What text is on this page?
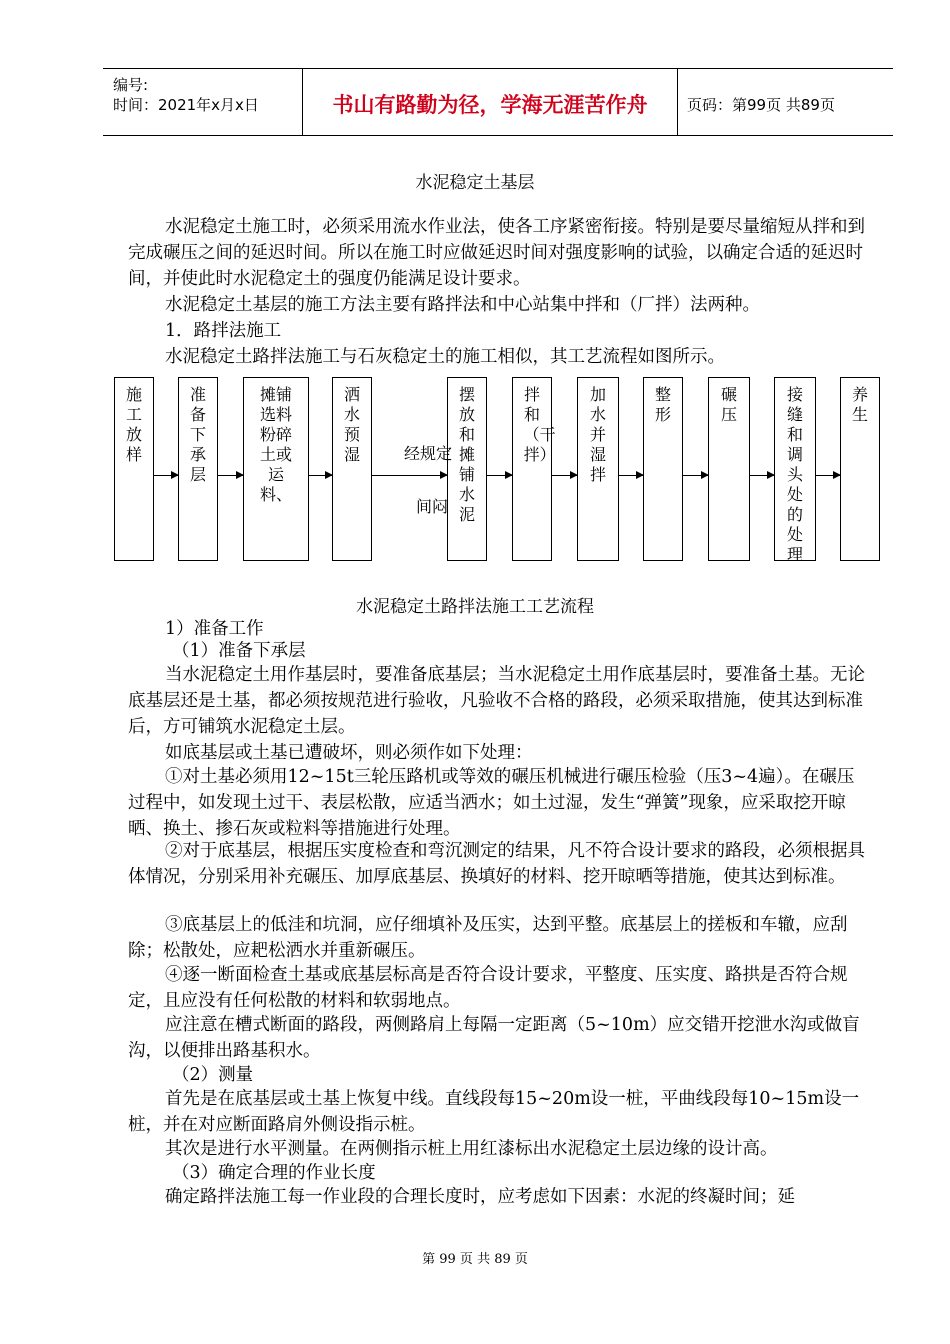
编号:
时间：2021年x月x日	书山有路勤为径，学海无涯苦作舟	页码：第99页 共89页
水泥稳定土基层

水泥稳定土施工时，必须采用流水作业法，使各工序紧密衔接。特别是要尽量缩短从拌和到完成碾压之间的延迟时间。所以在施工时应做延迟时间对强度影响的试验，以确定合适的延迟时间，并使此时水泥稳定土的强度仍能满足设计要求。

水泥稳定土基层的施工方法主要有路拌法和中心站集中拌和（厂拌）法两种。

1．路拌法施工

水泥稳定土路拌法施工与石灰稳定土的施工相似，其工艺流程如图所示。

施工放样
准备下承层
摊铺选料粉碎土或运料、
洒水预湿	经规定
间闷
摆放和摊铺水泥
拌和（干拌）
加水并湿拌
整形
碾压
接缝和调头处的处理
养生
水泥稳定土路拌法施工工艺流程

1）准备工作

（1）准备下承层

当水泥稳定土用作基层时，要准备底基层；当水泥稳定土用作底基层时，要准备土基。无论底基层还是土基，都必须按规范进行验收，凡验收不合格的路段，必须采取措施，使其达到标准后，方可铺筑水泥稳定土层。

如底基层或土基已遭破坏，则必须作如下处理：

①对土基必须用12~15t三轮压路机或等效的碾压机械进行碾压检验（压3~4遍）。在碾压过程中，如发现土过干、表层松散，应适当洒水；如土过湿，发生“弹簧”现象，应采取挖开晾晒、换土、掺石灰或粒料等措施进行处理。

②对于底基层，根据压实度检查和弯沉测定的结果，凡不符合设计要求的路段，必须根据具体情况，分别采用补充碾压、加厚底基层、换填好的材料、挖开晾晒等措施，使其达到标准。

③底基层上的低洼和坑洞，应仔细填补及压实，达到平整。底基层上的搓板和车辙，应刮除；松散处，应耙松洒水并重新碾压。

④逐一断面检查土基或底基层标高是否符合设计要求，平整度、压实度、路拱是否符合规定，且应没有任何松散的材料和软弱地点。

应注意在槽式断面的路段，两侧路肩上每隔一定距离（5~10m）应交错开挖泄水沟或做盲沟，以便排出路基积水。

（2）测量

首先是在底基层或土基上恢复中线。直线段每15~20m设一桩，平曲线段每10~15m设一桩，并在对应断面路肩外侧设指示桩。

其次是进行水平测量。在两侧指示桩上用红漆标出水泥稳定土层边缘的设计高。

（3）确定合理的作业长度

确定路拌法施工每一作业段的合理长度时，应考虑如下因素：水泥的终凝时间；延

第 99 页 共 89 页
